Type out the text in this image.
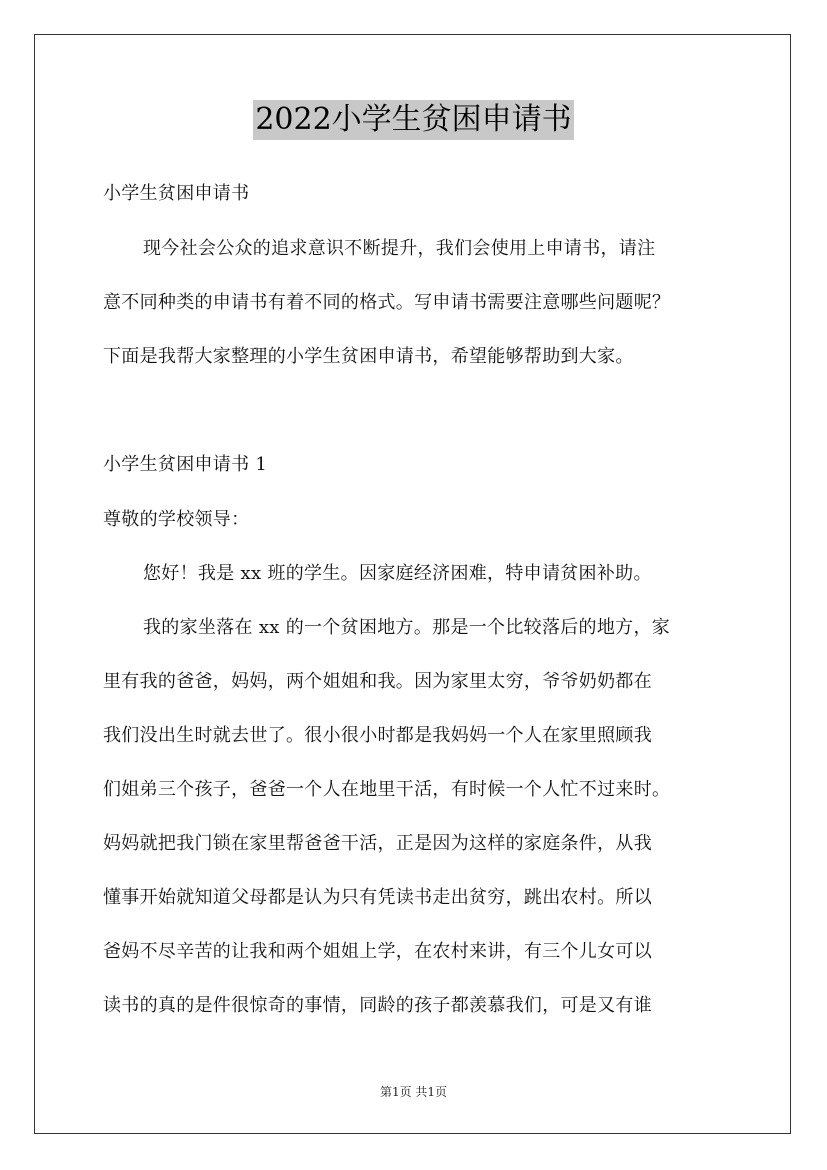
2022小学生贫困申请书
小学生贫困申请书
现今社会公众的追求意识不断提升，我们会使用上申请书，请注
意不同种类的申请书有着不同的格式。写申请书需要注意哪些问题呢？
下面是我帮大家整理的小学生贫困申请书，希望能够帮助到大家。
小学生贫困申请书 1
尊敬的学校领导：
您好！我是 xx 班的学生。因家庭经济困难，特申请贫困补助。
我的家坐落在 xx 的一个贫困地方。那是一个比较落后的地方，家
里有我的爸爸，妈妈，两个姐姐和我。因为家里太穷，爷爷奶奶都在
我们没出生时就去世了。很小很小时都是我妈妈一个人在家里照顾我
们姐弟三个孩子，爸爸一个人在地里干活，有时候一个人忙不过来时。
妈妈就把我门锁在家里帮爸爸干活，正是因为这样的家庭条件，从我
懂事开始就知道父母都是认为只有凭读书走出贫穷，跳出农村。所以
爸妈不尽辛苦的让我和两个姐姐上学，在农村来讲，有三个儿女可以
读书的真的是件很惊奇的事情，同龄的孩子都羡慕我们，可是又有谁
第1页 共1页
